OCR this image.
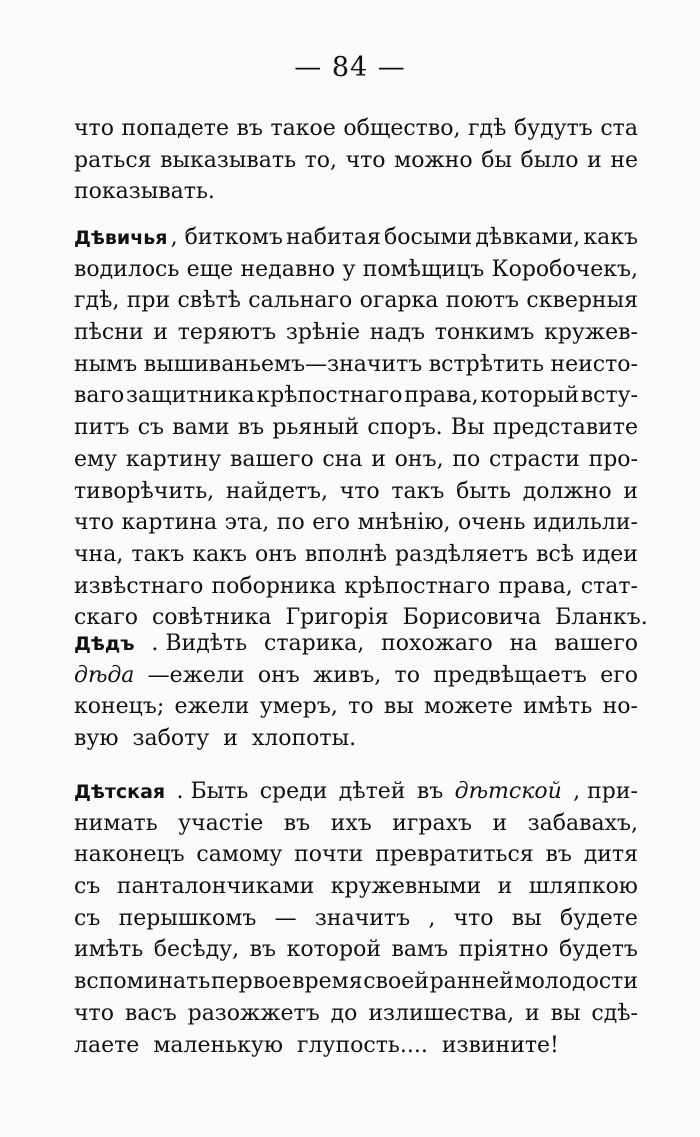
— 84 —
что попадете въ такое общество, гдѣ будутъ ста
раться выказывать то, что можно бы было и не
показывать.
Дѣвичья , биткомъ набитая босыми дѣвками, какъ
водилось еще недавно у помѣщицъ Коробочекъ,
гдѣ, при свѣтѣ сальнаго огарка поютъ скверныя
пѣсни и теряютъ зрѣніе надъ тонкимъ кружев-
нымъ вышиваньемъ—значитъ встрѣтить неисто-
ваго защитника крѣпостнаго права, который всту-
питъ съ вами въ рьяный споръ. Вы представите
ему картину вашего сна и онъ, по страсти про-
тиворѣчить, найдетъ, что такъ быть должно и
что картина эта, по его мнѣнію, очень идильли-
чна, такъ какъ онъ вполнѣ раздѣляетъ всѣ идеи
извѣстнаго поборника крѣпостнаго права, стат-
скаго совѣтника Григорія Борисовича Бланкъ.
Дѣдъ . Видѣть старика, похожаго на вашего
дѣда —ежели онъ живъ, то предвѣщаетъ его
конецъ; ежели умеръ, то вы можете имѣть но-
вую заботу и хлопоты.
Дѣтская . Быть среди дѣтей въ дѣтской , при-
нимать участіе въ ихъ играхъ и забавахъ,
наконецъ самому почти превратиться въ дитя
съ панталончиками кружевными и шляпкою
съ перышкомъ — значитъ , что вы будете
имѣть бесѣду, въ которой вамъ пріятно будетъ
вспоминать первое время своей ранней молодости
что васъ разожжетъ до излишества, и вы сдѣ-
лаете маленькую глупость.... извините!
